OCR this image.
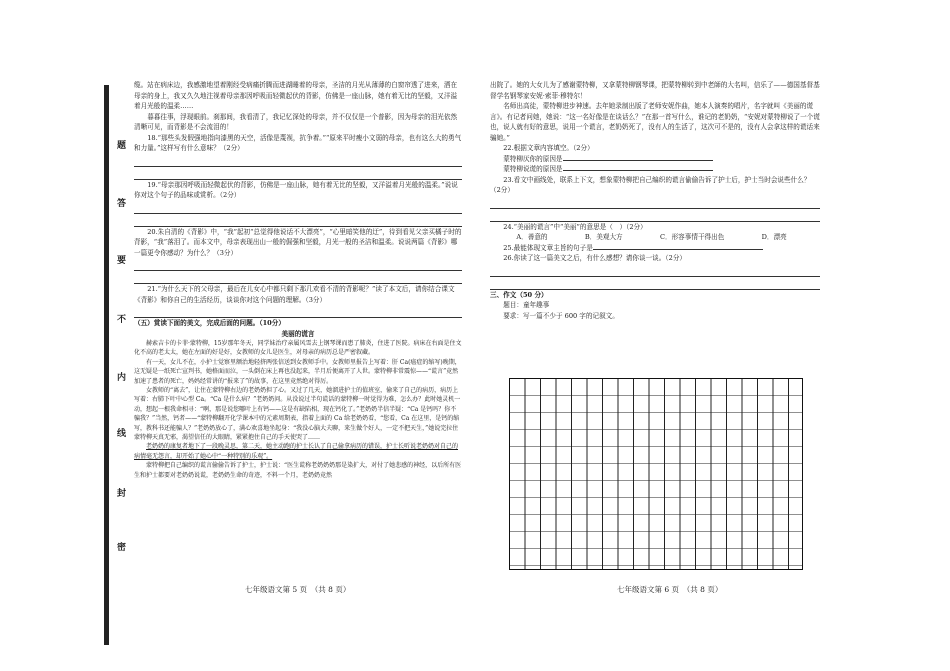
题
答
要
不
内
线
封
密

缆。站在病床边，我感激地望着刚经受病痛折腾而进湖睡着的母亲，圣洁的月光从薄薄的白窗帘透了进来，洒在母亲的身上，我又久久地注视着母亲那因呼吸而轻微起伏的背影，仿佛是一座山脉，她有着无比的坚毅，又洋溢着月光般的温柔……

暮暮往事，浮现眼前。刹那间，我看清了，我记忆深处的母亲，并不仅仅是一个普影，因为母亲的泪光依然清晰可见，而背影是不会流泪的！

18.“那些头发假强地指向漆黑的天空，活像是蔑视，抗争着。”“原来平时瘦小文弱的母亲，也有这么大的勇气和力量。”这样写有什么意味？（2分）

19.“母亲那因呼吸而轻微起伏的背影，仿佛是一座山脉，她有着无比的坚毅，又洋溢着月光般的温柔。”说说你对这个句子的品味或赏析。（2分）

20.朱自清的《背影》中，“我”起初“总觉得他说话不大漂亮”，“心里暗笑他的迂”，待到看见父亲买橘子时的背影，“我”落泪了。而本文中，母亲表现出山一般的倔强和坚毅，月光一般的圣洁和温柔。说说两篇《背影》哪一篇更令你感动？为什么？（3分）

21.“为什么天下的父母亲，最后在儿女心中都只剩下那几欢看不清的背影呢？”读了本文后，请你结合课文《背影》和你自己的生活经历，谈谈你对这个问题的理解。（3分）

（五）赏读下面的美文，完成后面的问题。（10分）

美丽的谎言

赫索吉卡的卡菲·蒙特柳，15岁那年冬天，同学妹治疗亲属风雪去上钢琴课而患了肺炎，住进了医院。病床在右面是住文化不高的老太太，她在左面的好是好，女教师的女儿是医生，对母亲的病历总是严密叙藏。

有一天，女儿不在，小护士觉察里额治地轻挤两张信送到女教师手中。女教师里报告上写着：肝 Ca(癌症的缩写)晚期，这无疑是一纸死亡宣判书，她格面而泣，一头倒在床上再也没起来，半月后便离开了人世。蒙特柳非常震惊——“谎言”竟然加速了患者的死亡，妈妈经常讲的“报来了”的故事，在这里竟然绝对得厉。

女教师的“离去”，让住在蒙特柳右边的老奶奶担了心。又过了几天，她溜进护士的值班室，偷来了自己的病历，病历上写着：右肺下叶中心型 Ca。“Ca 是什么病？”老奶奶问。从没说过半句谎话的蒙特柳一时觉得为难，怎么办？此时她灵机一动，想起一根我命相寻：“啊，那是说您哪叶上有钙——这是有缺陷相，现在钙化了。”老奶奶半信半疑：“Ca 是钙吗？你不骗我？”当然，钙者——“蒙特柳翻开化学课本中的元素周期表，指着上面的 Ca 给老奶奶看，“您看，Ca 在这里，是钙的缩写，教科书还能骗人？”老奶奶放心了，满心欢喜地坐起身：“我没心脑大夫聊，来生做个好人，一定不把天生，”她说完拉住蒙特柳天真无邪，渴望信任的大眼睛，紧紧抱住自己的手天使哭了……

老奶奶的康复者地下了一段晚灵思，第二天，她主动跑的护士长认了自己偷拿病历的错误，护士长听说老奶奶对自己的病情毫无怨言，却开始了她心中“一种特别的乐观”。

蒙特柳把自己编织的谎言偷偷告诉了护士，护士说：“医生谎称老奶奶奶那是染扩大，对付了她悲感的神经，以后所有医生和护士都要对老奶奶说谎，老奶奶生命的奇迹，不料一个月，老奶奶竟然

出院了。她的大女儿为了感谢蒙特柳，又拿蒙特柳钢琴课，把蒙特柳转到中老師的大名叫，信乐了——德国基督基督学名钢琴家安妮·索菲·穆特尔！

名师出高徒，蒙特柳进步神速。去年她录制出版了老师安妮作曲，她本人演奏的唱片，名字就叫《美丽的谎言》。有记者问她，她说：“这一名好像是在谈话么？”在那一首写什么，谁记的老奶奶，“安妮对蒙特柳说了一个谎也，说人就有好的意思，说用一个谎言，老奶奶死了，没有人的生活了，这次可不是的，没有人会拿这样的谎话来骗她。”

22.根据文章内容填空。（2分）

蒙特柳厌你的原因是

蒙特柳说谎的原因是

23.看文中画线处，联系上下文，想象蒙特柳把自己编织的谎言偷偷告诉了护士后，护士当时会说些什么？（2分）

24.“美丽的谎言”中“美丽”的意思是（　）（2分）

A．善意的	B．美观大方	C．形容事情干得出色	D．漂亮

25.最能体现文章主旨的句子是

26.你读了这一篇美文之后，有什么感想？请你谈一谈。（2分）

三、作文（50 分）

题目：童年趣事

要求：写一篇不少于 600 字的记叙文。

七年级语文第 5 页　（共 8 页）	七年级语文第 6 页　（共 8 页）
